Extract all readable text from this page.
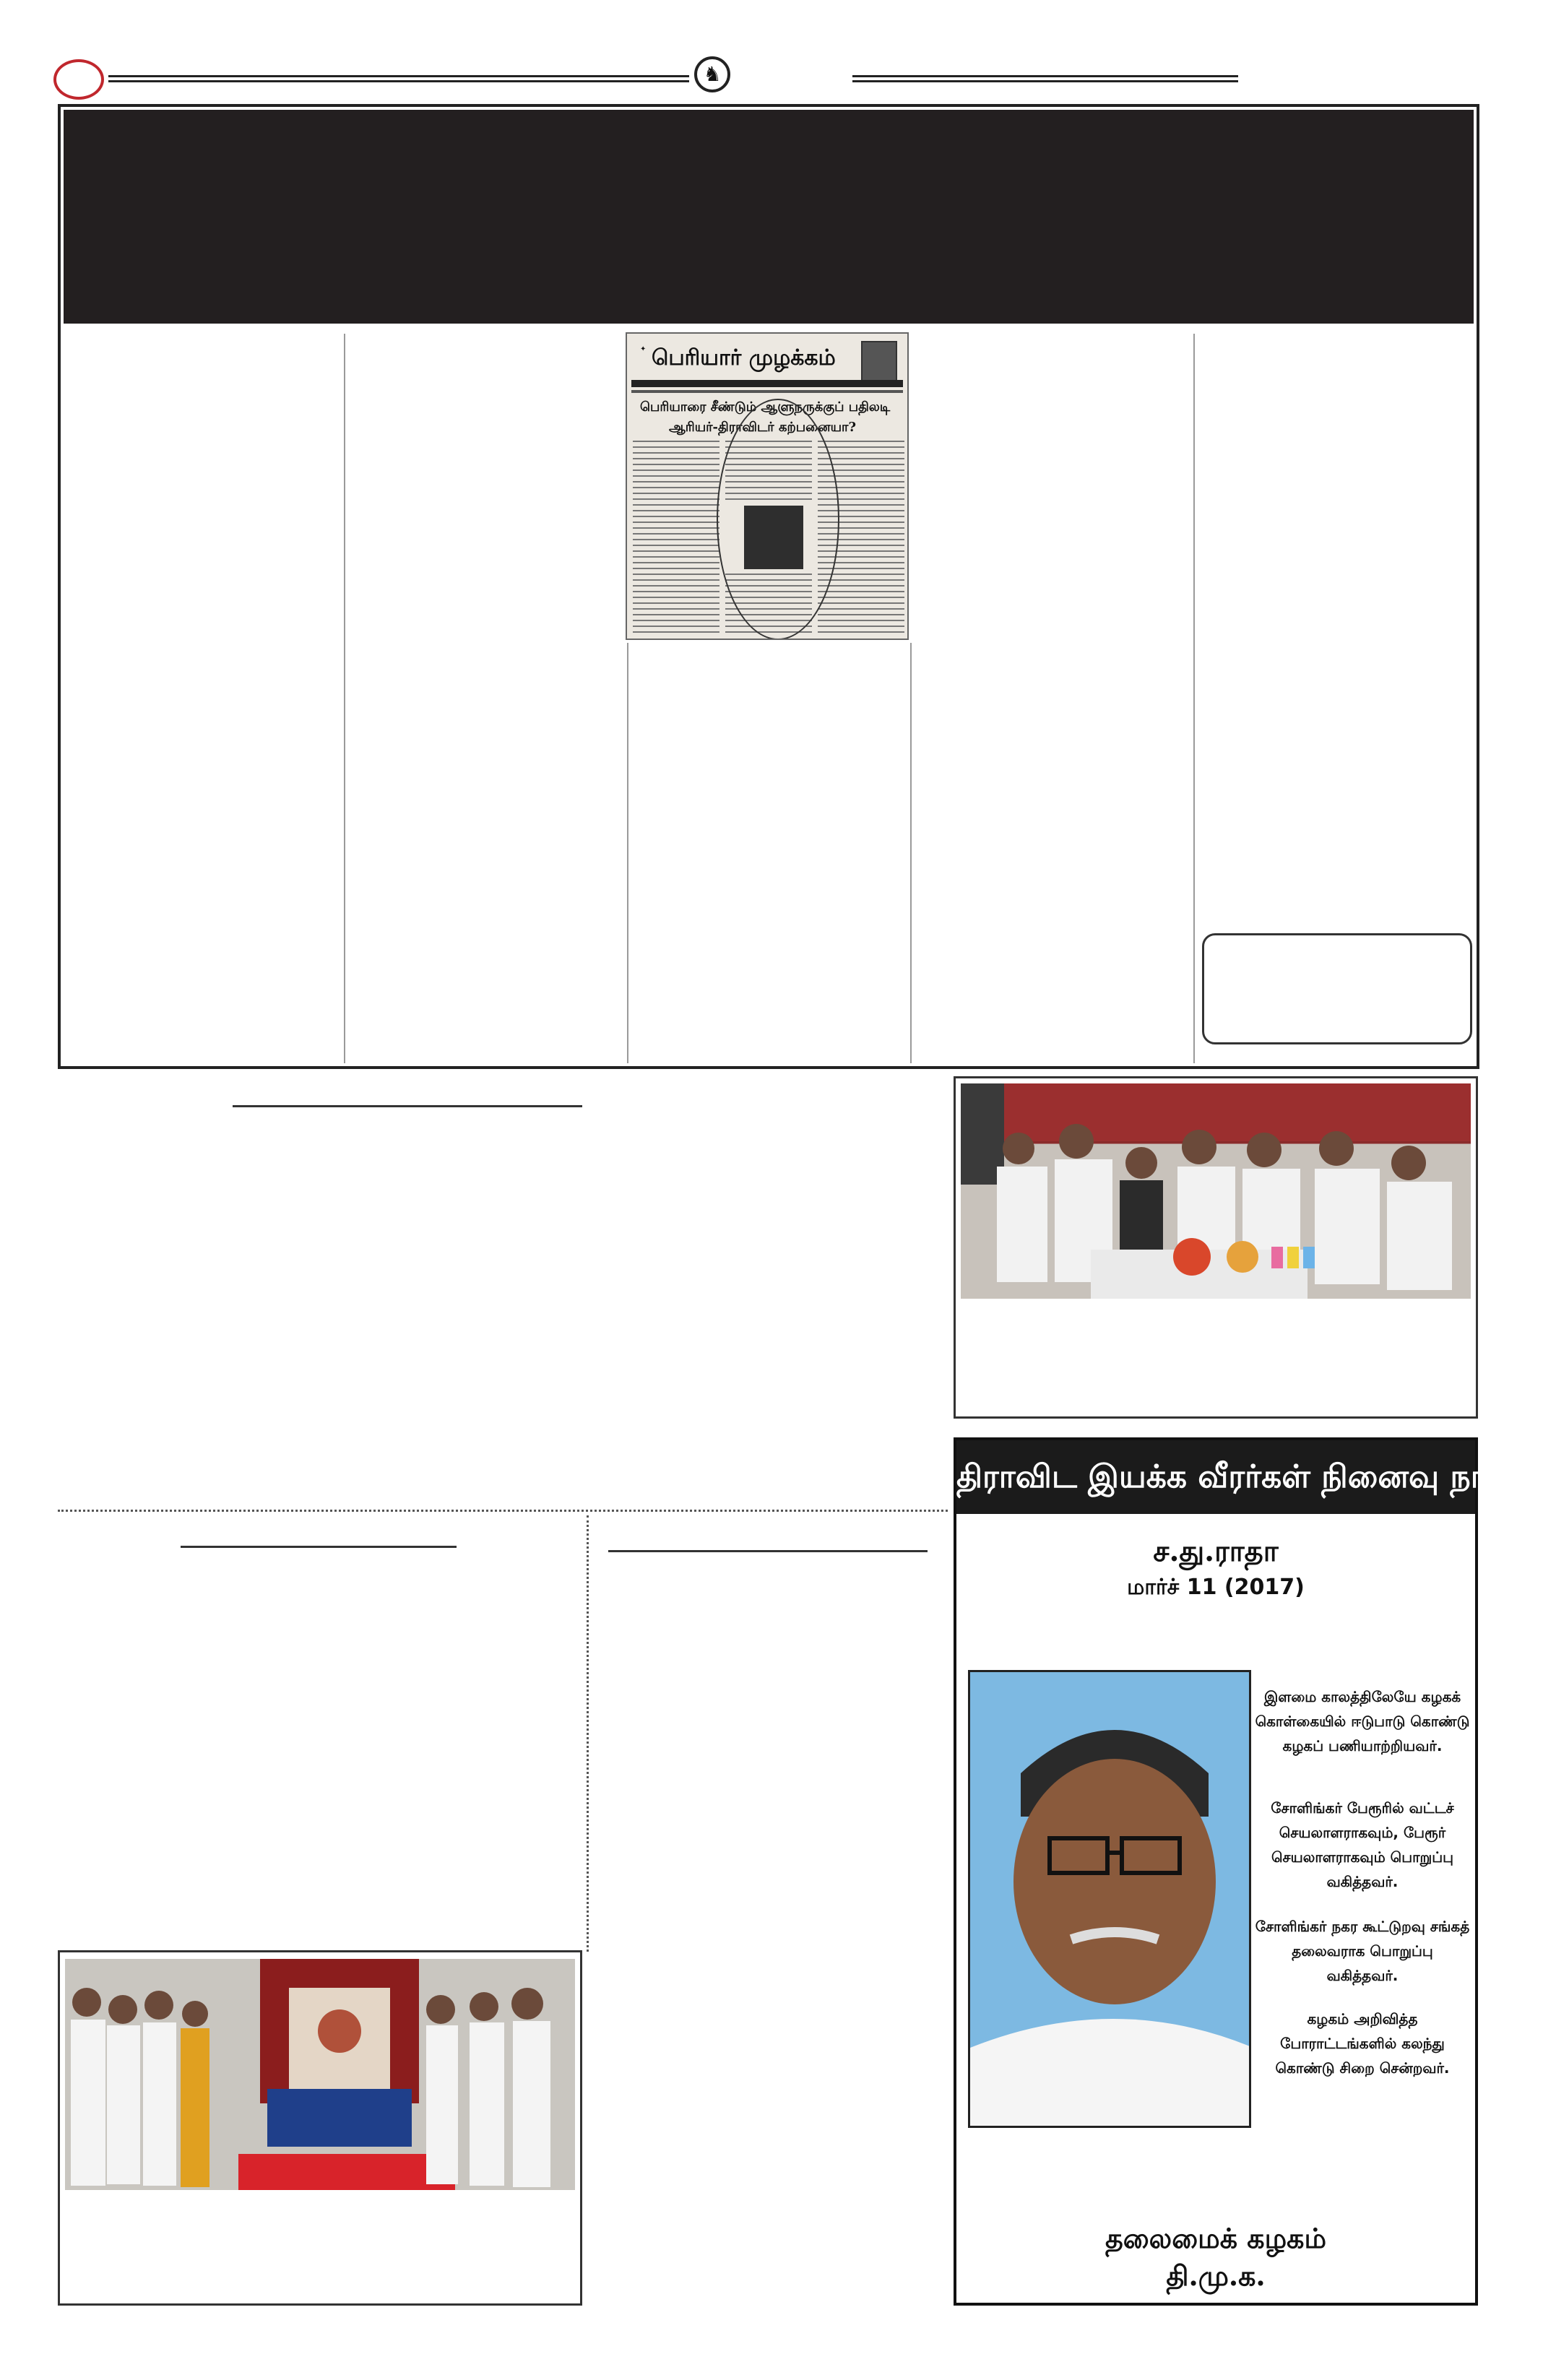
♞
✦ பெரியார் முழக்கம்
பெரியாரை சீண்டும் ஆளுநருக்குப் பதிலடி
ஆரியர்-திராவிடர் கற்பனையா?
திராவிட இயக்க வீரர்கள் நினைவு நாள்
ச.து.ராதா
மார்ச் 11 (2017)
இளமை காலத்திலேயே கழகக் கொள்கையில் ஈடுபாடு கொண்டு கழகப் பணியாற்றியவர்.
சோளிங்கர் பேரூரில் வட்டச் செயலாளராகவும், பேரூர் செயலாளராகவும் பொறுப்பு வகித்தவர்.
சோளிங்கர் நகர கூட்டுறவு சங்கத் தலைவராக பொறுப்பு வகித்தவர்.
கழகம் அறிவித்த போராட்டங்களில் கலந்து கொண்டு சிறை சென்றவர்.
தலைமைக் கழகம்
தி.மு.க.
